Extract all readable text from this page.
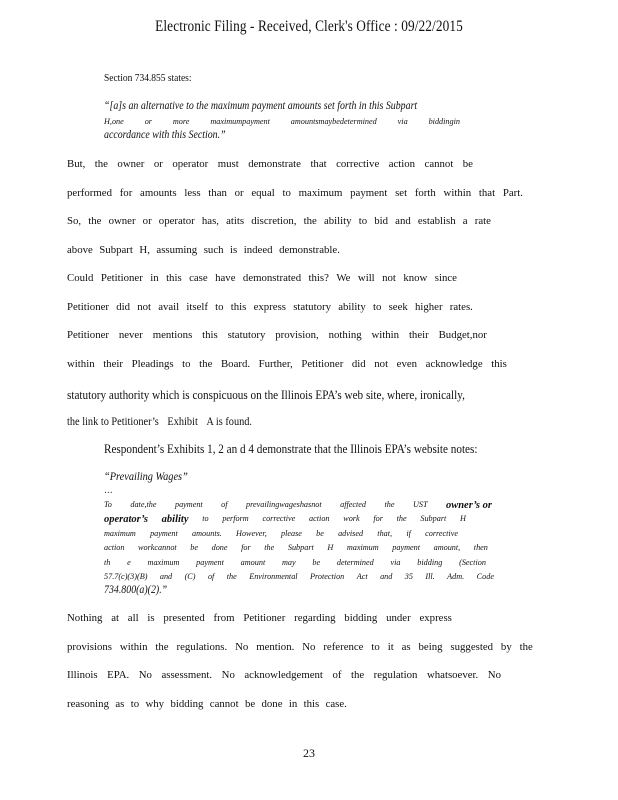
Electronic Filing - Received, Clerk's Office : 09/22/2015
Section 734.855 states:
“[a]s an alternative to the maximum payment amounts set forth in this Subpart
H,one	or	more	maximumpayment	amountsmaybedetermined	via	biddingin
accordance with this Section.”
But, the owner or operator must demonstrate that corrective action cannot be
performed for amounts less than or equal to maximum payment set forth within that Part.
So, the owner or operator has, atits discretion, the ability to bid and establish a rate
above Subpart H, assuming such is indeed demonstrable.
Could Petitioner in this case have demonstrated this? We will not know since
Petitioner did not avail itself to this express statutory ability to seek higher rates.
Petitioner never mentions this statutory provision, nothing within their Budget,nor
within their Pleadings to the Board. Further, Petitioner did not even acknowledge this
statutory authority which is conspicuous on the Illinois EPA’s web site, where, ironically,
the link to Petitioner’s Exhibit A is found.
Respondent’s Exhibits 1, 2 an d 4 demonstrate that the Illinois EPA’s website notes:
“Prevailing Wages”
…
To date,the payment of prevailingwageshasnot affected the UST owner’s or
operator’s ability to perform corrective action work for the Subpart H
maximum payment amounts. However, please be advised that, if corrective
action workcannot be done for the Subpart H maximum payment amount, then
th e maximum payment amount may be determined via bidding (Section
57.7(c)(3)(B) and (C) of the Environmental Protection Act and 35 Ill. Adm. Code
734.800(a)(2).”
Nothing at all is presented from Petitioner regarding bidding under express
provisions within the regulations. No mention. No reference to it as being suggested by the
Illinois EPA. No assessment. No acknowledgement of the regulation whatsoever. No
reasoning as to why bidding cannot be done in this case.
23
